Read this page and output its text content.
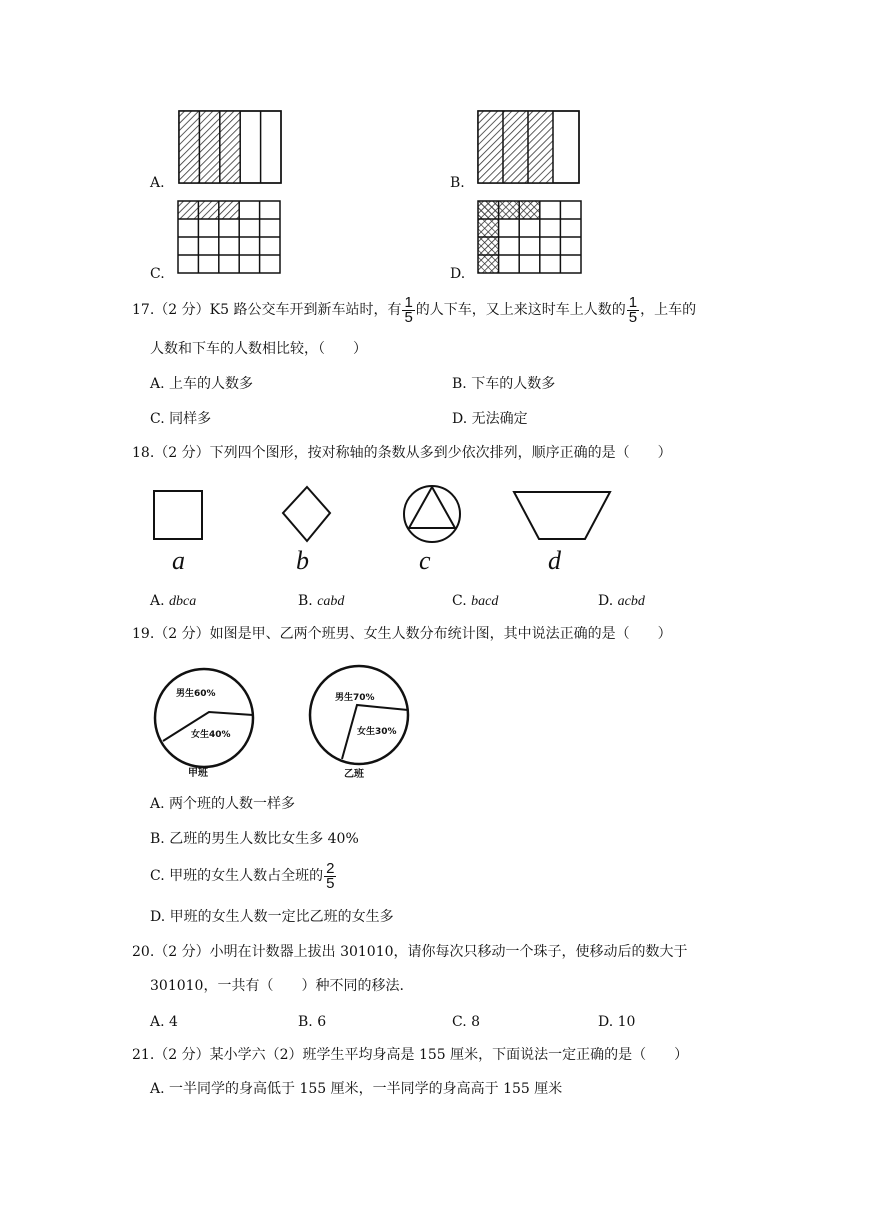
A.	B.
C.	D.
17.（2 分）K5 路公交车开到新车站时，有 $\frac{1}{5}$ 的人下车，又上来这时车上人数的 $\frac{1}{5}$ ，上车的
人数和下车的人数相比较，（　　）
A. 上车的人数多	B. 下车的人数多
C. 同样多	D. 无法确定
18.（2 分）下列四个图形，按对称轴的条数从多到少依次排列，顺序正确的是（　　）
a	b	c	d
A. dbca	B. cabd	C. bacd	D. acbd
19.（2 分）如图是甲、乙两个班男、女生人数分布统计图，其中说法正确的是（　　）
男生60%
女生40%
甲班
男生70%
女生30%
乙班
A. 两个班的人数一样多
B. 乙班的男生人数比女生多 40%
C. 甲班的女生人数占全班的 $\frac{2}{5}$
D. 甲班的女生人数一定比乙班的女生多
20.（2 分）小明在计数器上拔出 301010，请你每次只移动一个珠子，使移动后的数大于
301010，一共有（　　）种不同的移法.
A. 4	B. 6	C. 8	D. 10
21.（2 分）某小学六（2）班学生平均身高是 155 厘米，下面说法一定正确的是（　　）
A. 一半同学的身高低于 155 厘米，一半同学的身高高于 155 厘米
